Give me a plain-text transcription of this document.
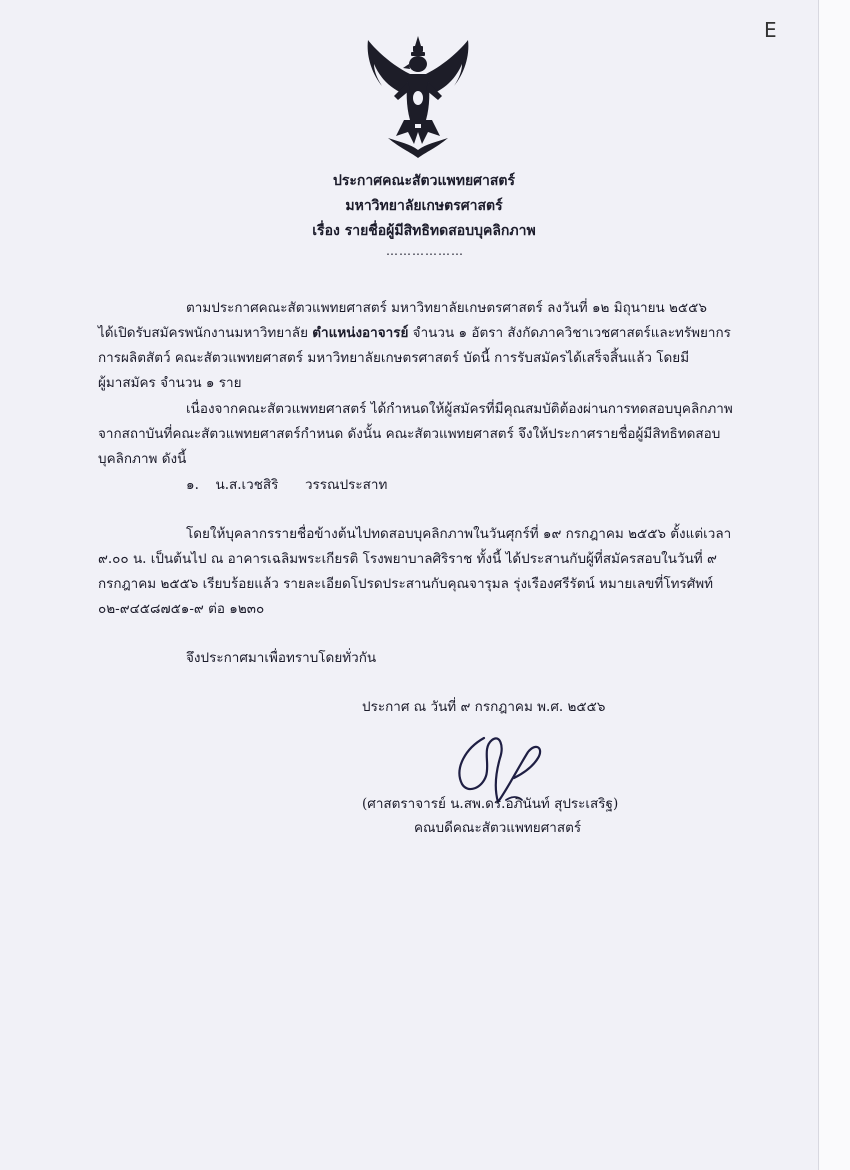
E
ประกาศคณะสัตวแพทยศาสตร์
มหาวิทยาลัยเกษตรศาสตร์
เรื่อง รายชื่อผู้มีสิทธิทดสอบบุคลิกภาพ
………………
ตามประกาศคณะสัตวแพทยศาสตร์ มหาวิทยาลัยเกษตรศาสตร์ ลงวันที่ ๑๒ มิถุนายน ๒๕๕๖
ได้เปิดรับสมัครพนักงานมหาวิทยาลัย ตำแหน่งอาจารย์ จำนวน ๑ อัตรา สังกัดภาควิชาเวชศาสตร์และทรัพยากร
การผลิตสัตว์ คณะสัตวแพทยศาสตร์ มหาวิทยาลัยเกษตรศาสตร์ บัดนี้ การรับสมัครได้เสร็จสิ้นแล้ว โดยมี
ผู้มาสมัคร จำนวน ๑ ราย
เนื่องจากคณะสัตวแพทยศาสตร์ ได้กำหนดให้ผู้สมัครที่มีคุณสมบัติต้องผ่านการทดสอบบุคลิกภาพ
จากสถาบันที่คณะสัตวแพทยศาสตร์กำหนด ดังนั้น คณะสัตวแพทยศาสตร์ จึงให้ประกาศรายชื่อผู้มีสิทธิทดสอบ
บุคลิกภาพ ดังนี้
๑. น.ส.เวชสิริ วรรณประสาท
โดยให้บุคลากรรายชื่อข้างต้นไปทดสอบบุคลิกภาพในวันศุกร์ที่ ๑๙ กรกฎาคม ๒๕๕๖ ตั้งแต่เวลา
๙.๐๐ น. เป็นต้นไป ณ อาคารเฉลิมพระเกียรติ โรงพยาบาลศิริราช ทั้งนี้ ได้ประสานกับผู้ที่สมัครสอบในวันที่ ๙
กรกฎาคม ๒๕๕๖ เรียบร้อยแล้ว รายละเอียดโปรดประสานกับคุณจารุมล รุ่งเรืองศรีรัตน์ หมายเลขที่โทรศัพท์
๐๒-๙๔๕๘๗๕๑-๙ ต่อ ๑๒๓๐
จึงประกาศมาเพื่อทราบโดยทั่วกัน
ประกาศ ณ วันที่ ๙ กรกฎาคม พ.ศ. ๒๕๕๖
(ศาสตราจารย์ น.สพ.ดร.อภินันท์ สุประเสริฐ)
คณบดีคณะสัตวแพทยศาสตร์
